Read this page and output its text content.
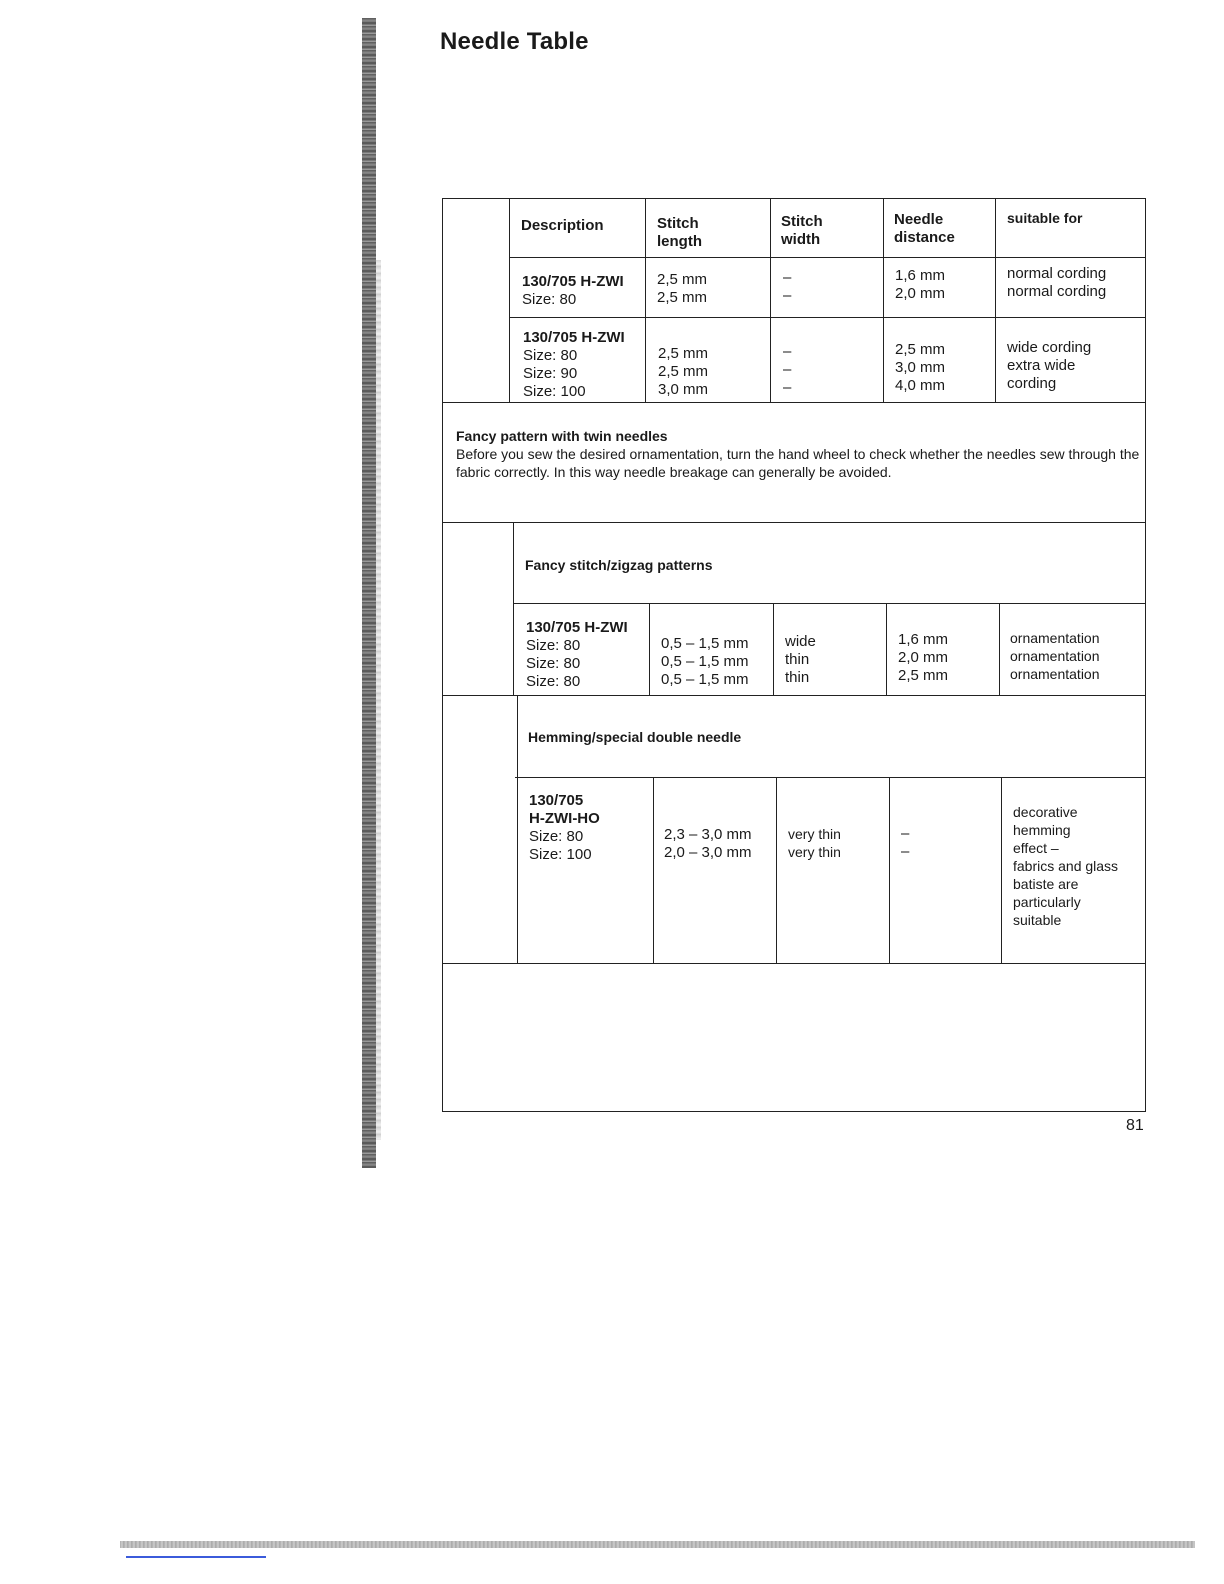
Needle Table
Description	Stitch
length
Stitch
width
Needle
distance
suitable for
130/705 H-ZWI
Size: 80
2,5 mm
2,5 mm
–
–
1,6 mm
2,0 mm
normal cording
normal cording
130/705 H-ZWI
Size: 80
Size: 90
Size: 100
2,5 mm
2,5 mm
3,0 mm
–
–
–
2,5 mm
3,0 mm
4,0 mm
wide cording
extra wide
cording
Fancy pattern with twin needles
Before you sew the desired ornamentation, turn the hand wheel to check whether the needles sew through the fabric correctly. In this way needle breakage can generally be avoided.
Fancy stitch/zigzag patterns
130/705 H-ZWI
Size: 80
Size: 80
Size: 80
0,5 – 1,5 mm
0,5 – 1,5 mm
0,5 – 1,5 mm
wide
thin
thin
1,6 mm
2,0 mm
2,5 mm
ornamentation
ornamentation
ornamentation
Hemming/special double needle
130/705
H-ZWI-HO
Size: 80
Size: 100
2,3 – 3,0 mm
2,0 – 3,0 mm
very thin
very thin
–
–
decorative
hemming
effect –
fabrics and glass
batiste are
particularly
suitable
81
